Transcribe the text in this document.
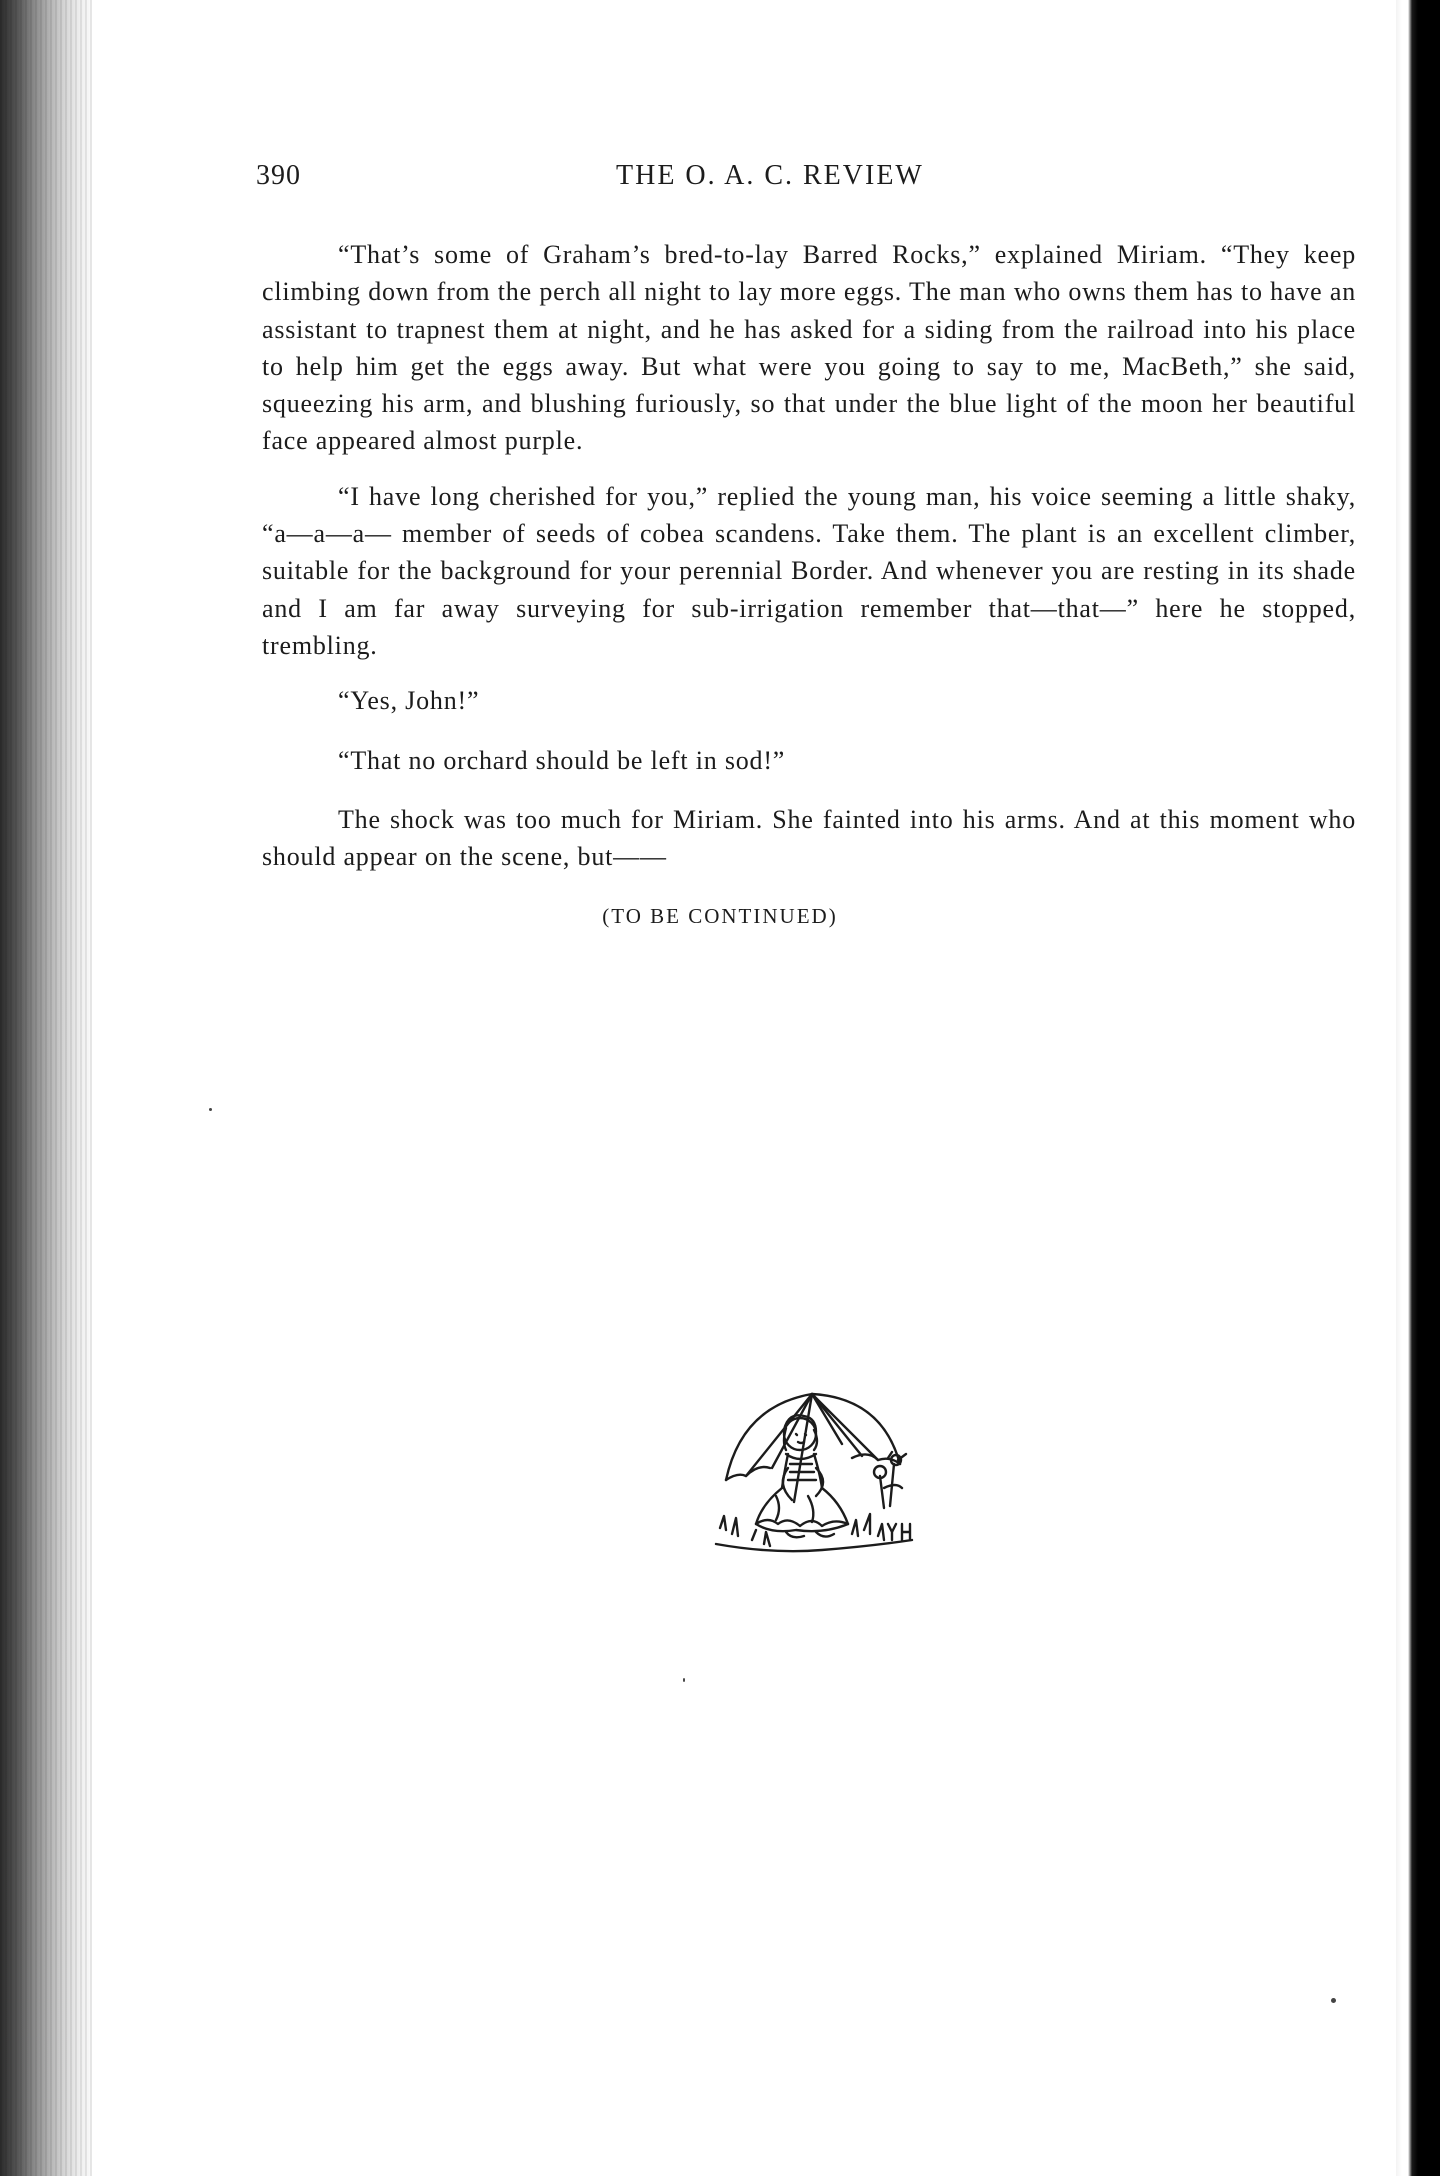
390	THE O. A. C. REVIEW

“That’s some of Graham’s bred-to-lay Barred Rocks,” explained Miriam. “They keep climbing down from the perch all night to lay more eggs. The man who owns them has to have an assistant to trapnest them at night, and he has asked for a siding from the railroad into his place to help him get the eggs away. But what were you going to say to me, MacBeth,” she said, squeezing his arm, and blushing furiously, so that under the blue light of the moon her beautiful face appeared almost purple.

“I have long cherished for you,” replied the young man, his voice seeming a little shaky, “a—a—a— member of seeds of cobea scandens. Take them. The plant is an excellent climber, suitable for the background for your perennial Border. And whenever you are resting in its shade and I am far away surveying for sub-irrigation remember that—that—” here he stopped, trembling.

“Yes, John!”

“That no orchard should be left in sod!”

The shock was too much for Miriam. She fainted into his arms. And at this moment who should appear on the scene, but——

(TO BE CONTINUED)
